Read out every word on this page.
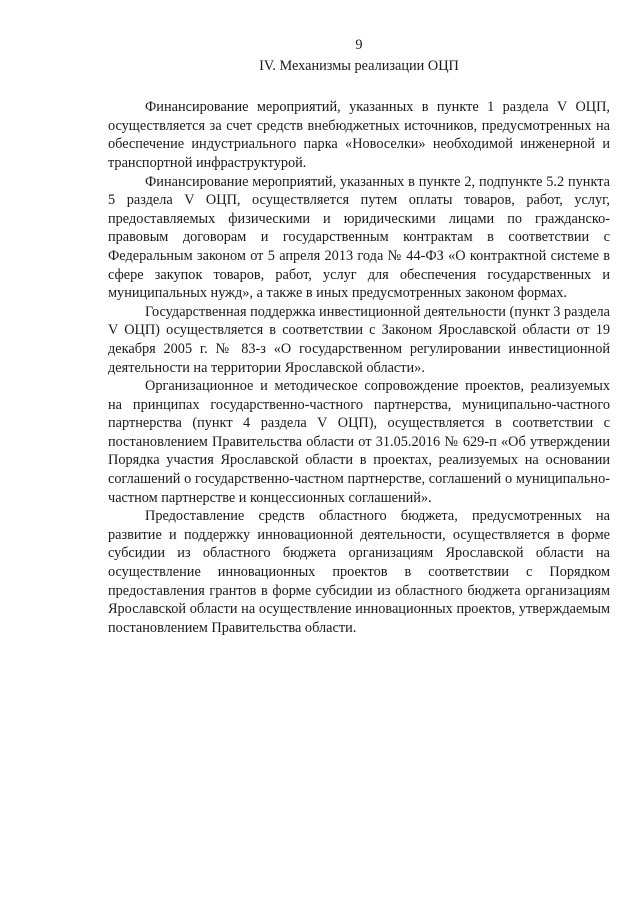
9
IV. Механизмы реализации ОЦП

Финансирование мероприятий, указанных в пункте 1 раздела V ОЦП, осуществляется за счет средств внебюджетных источников, предусмотренных на обеспечение индустриального парка «Новоселки» необходимой инженерной и транспортной инфраструктурой.

Финансирование мероприятий, указанных в пункте 2, подпункте 5.2 пункта 5 раздела V ОЦП, осуществляется путем оплаты товаров, работ, услуг, предоставляемых физическими и юридическими лицами по гражданско-правовым договорам и государственным контрактам в соответствии с Федеральным законом от 5 апреля 2013 года № 44-ФЗ «О контрактной системе в сфере закупок товаров, работ, услуг для обеспечения государственных и муниципальных нужд», а также в иных предусмотренных законом формах.

Государственная поддержка инвестиционной деятельности (пункт 3 раздела V ОЦП) осуществляется в соответствии с Законом Ярославской области от 19 декабря 2005 г. № 83-з «О государственном регулировании инвестиционной деятельности на территории Ярославской области».

Организационное и методическое сопровождение проектов, реализуемых на принципах государственно-частного партнерства, муниципально-частного партнерства (пункт 4 раздела V ОЦП), осуществляется в соответствии с постановлением Правительства области от 31.05.2016 № 629-п «Об утверждении Порядка участия Ярославской области в проектах, реализуемых на основании соглашений о государственно-частном партнерстве, соглашений о муниципально-частном партнерстве и концессионных соглашений».

Предоставление средств областного бюджета, предусмотренных на развитие и поддержку инновационной деятельности, осуществляется в форме субсидии из областного бюджета организациям Ярославской области на осуществление инновационных проектов в соответствии с Порядком предоставления грантов в форме субсидии из областного бюджета организациям Ярославской области на осуществление инновационных проектов, утверждаемым постановлением Правительства области.
